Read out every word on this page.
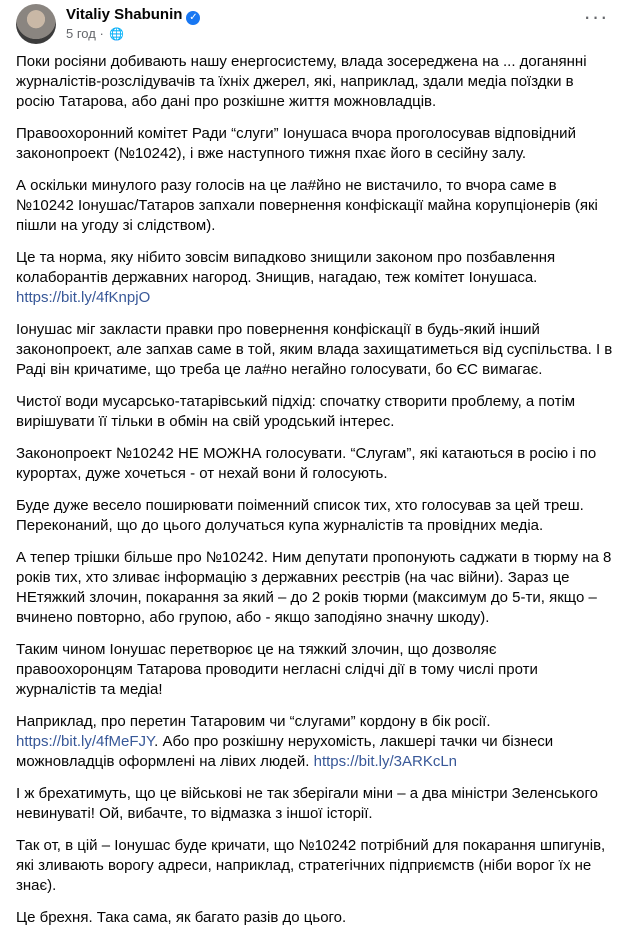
Vitaliy Shabunin ✓
5 год · 🌐
···

Поки росіяни добивають нашу енергосистему, влада зосереджена на ... доганянні журналістів-розслідувачів та їхніх джерел, які, наприклад, здали медіа поїздки в росію Татарова, або дані про розкішне життя можновладців.

Правоохоронний комітет Ради “слуги” Іонушаса вчора проголосував відповідний законопроект (№10242), і вже наступного тижня пхає його в сесійну залу.

А оскільки минулого разу голосів на це ла#йно не вистачило, то вчора саме в №10242 Іонушас/Татаров запхали повернення конфіскації майна корупціонерів (які пішли на угоду зі слідством).

Це та норма, яку нібито зовсім випадково знищили законом про позбавлення колаборантів державних нагород. Знищив, нагадаю, теж комітет Іонушаса. https://bit.ly/4fKnpjO

Іонушас міг закласти правки про повернення конфіскації в будь-який інший законопроект, але запхав саме в той, яким влада захищатиметься від суспільства. І в Раді він кричатиме, що треба це ла#но негайно голосувати, бо ЄС вимагає.

Чистої води мусарсько-татарівський підхід: спочатку створити проблему, а потім вирішувати її тільки в обмін на свій уродський інтерес.

Законопроект №10242 НЕ МОЖНА голосувати. “Слугам”, які катаються в росію і по курортах, дуже хочеться - от нехай вони й голосують.

Буде дуже весело поширювати поіменний список тих, хто голосував за цей треш. Переконаний, що до цього долучаться купа журналістів та провідних медіа.

А тепер трішки більше про №10242. Ним депутати пропонують саджати в тюрму на 8 років тих, хто зливає інформацію з державних реєстрів (на час війни). Зараз це НЕтяжкий злочин, покарання за який – до 2 років тюрми (максимум до 5-ти, якщо – вчинено повторно, або групою, або - якщо заподіяно значну шкоду).

Таким чином Іонушас перетворює це на тяжкий злочин, що дозволяє правоохоронцям Татарова проводити негласні слідчі дії в тому числі проти журналістів та медіа!

Наприклад, про перетин Татаровим чи “слугами” кордону в бік росії. https://bit.ly/4fMeFJY. Або про розкішну нерухомість, лакшері тачки чи бізнеси можновладців оформлені на лівих людей. https://bit.ly/3ARKcLn

І ж брехатимуть, що це військові не так зберігали міни – а два міністри Зеленського невинуваті! Ой, вибачте, то відмазка з іншої історії.

Так от, в цій – Іонушас буде кричати, що №10242 потрібний для покарання шпигунів, які зливають ворогу адреси, наприклад, стратегічних підприємств (ніби ворог їх не знає).

Це брехня. Така сама, як багато разів до цього.
